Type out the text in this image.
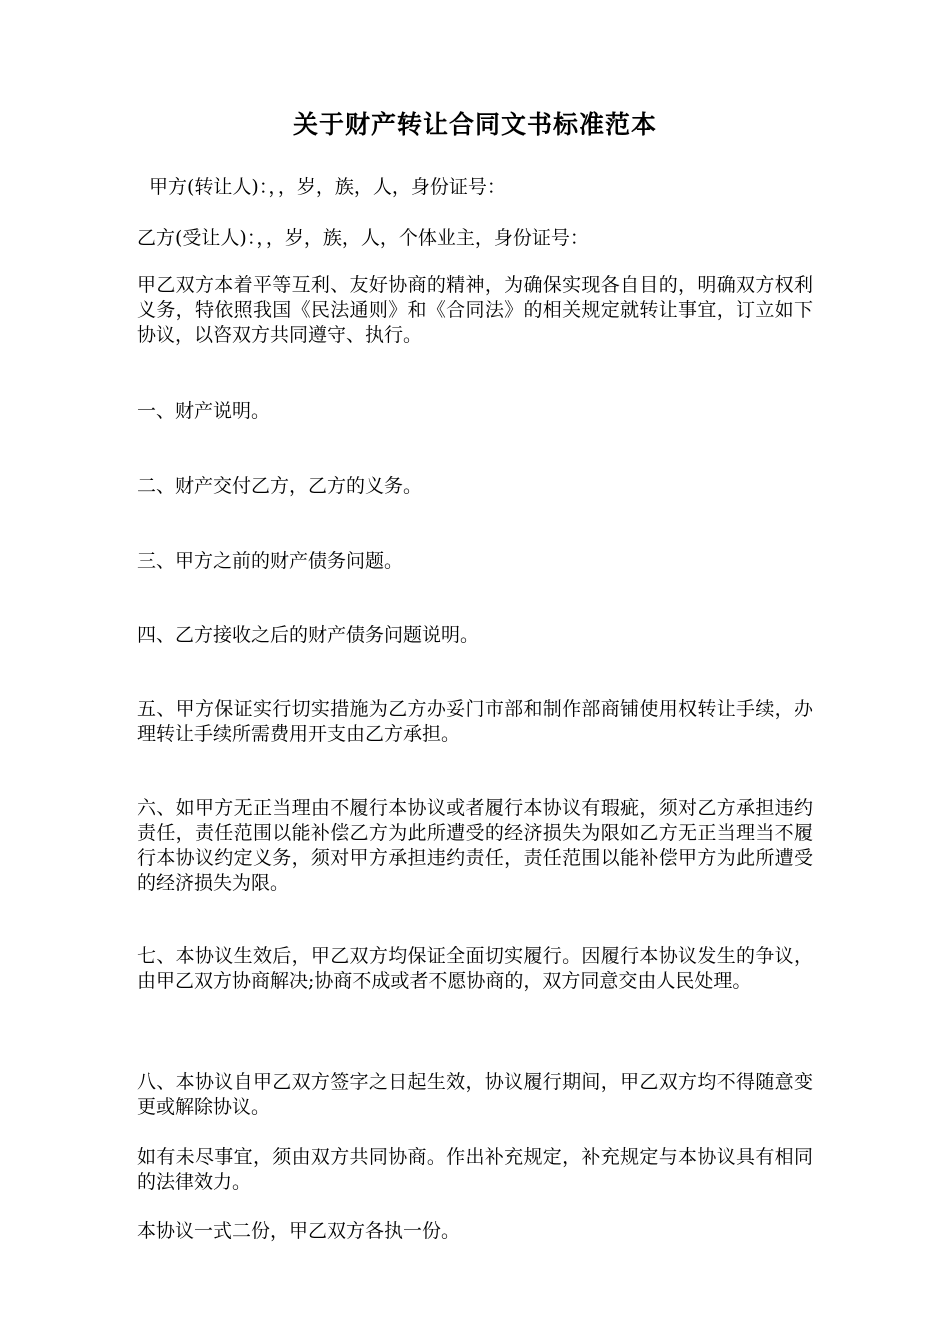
关于财产转让合同文书标准范本
甲方(转让人)：，，岁，族，人，身份证号：
乙方(受让人)：，，岁，族，人，个体业主，身份证号：
甲乙双方本着平等互利、友好协商的精神，为确保实现各自目的，明确双方权利义务，特依照我国《民法通则》和《合同法》的相关规定就转让事宜，订立如下协议，以咨双方共同遵守、执行。
一、财产说明。
二、财产交付乙方，乙方的义务。
三、甲方之前的财产债务问题。
四、乙方接收之后的财产债务问题说明。
五、甲方保证实行切实措施为乙方办妥门市部和制作部商铺使用权转让手续，办理转让手续所需费用开支由乙方承担。
六、如甲方无正当理由不履行本协议或者履行本协议有瑕疵，须对乙方承担违约责任，责任范围以能补偿乙方为此所遭受的经济损失为限如乙方无正当理当不履行本协议约定义务，须对甲方承担违约责任，责任范围以能补偿甲方为此所遭受的经济损失为限。
七、本协议生效后，甲乙双方均保证全面切实履行。因履行本协议发生的争议，由甲乙双方协商解决;协商不成或者不愿协商的，双方同意交由人民处理。
八、本协议自甲乙双方签字之日起生效，协议履行期间，甲乙双方均不得随意变更或解除协议。
如有未尽事宜，须由双方共同协商。作出补充规定，补充规定与本协议具有相同的法律效力。
本协议一式二份，甲乙双方各执一份。
